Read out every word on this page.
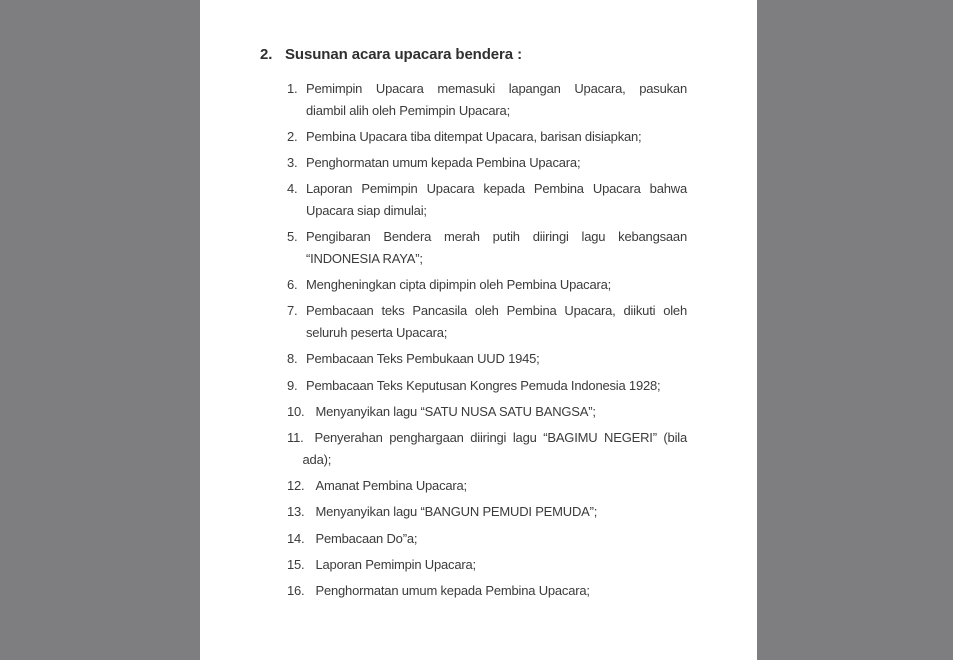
2. Susunan acara upacara bendera :
1. Pemimpin Upacara memasuki lapangan Upacara, pasukan
diambil alih oleh Pemimpin Upacara;
2. Pembina Upacara tiba ditempat Upacara, barisan disiapkan;
3. Penghormatan umum kepada Pembina Upacara;
4. Laporan Pemimpin Upacara kepada Pembina Upacara bahwa
Upacara siap dimulai;
5. Pengibaran Bendera merah putih diiringi lagu kebangsaan
“INDONESIA RAYA”;
6. Mengheningkan cipta dipimpin oleh Pembina Upacara;
7. Pembacaan teks Pancasila oleh Pembina Upacara, diikuti oleh
seluruh peserta Upacara;
8. Pembacaan Teks Pembukaan UUD 1945;
9. Pembacaan Teks Keputusan Kongres Pemuda Indonesia 1928;
10. Menyanyikan lagu “SATU NUSA SATU BANGSA”;
11. Penyerahan penghargaan diiringi lagu “BAGIMU NEGERI” (bila
ada);
12. Amanat Pembina Upacara;
13. Menyanyikan lagu “BANGUN PEMUDI PEMUDA”;
14. Pembacaan Do”a;
15. Laporan Pemimpin Upacara;
16. Penghormatan umum kepada Pembina Upacara;
